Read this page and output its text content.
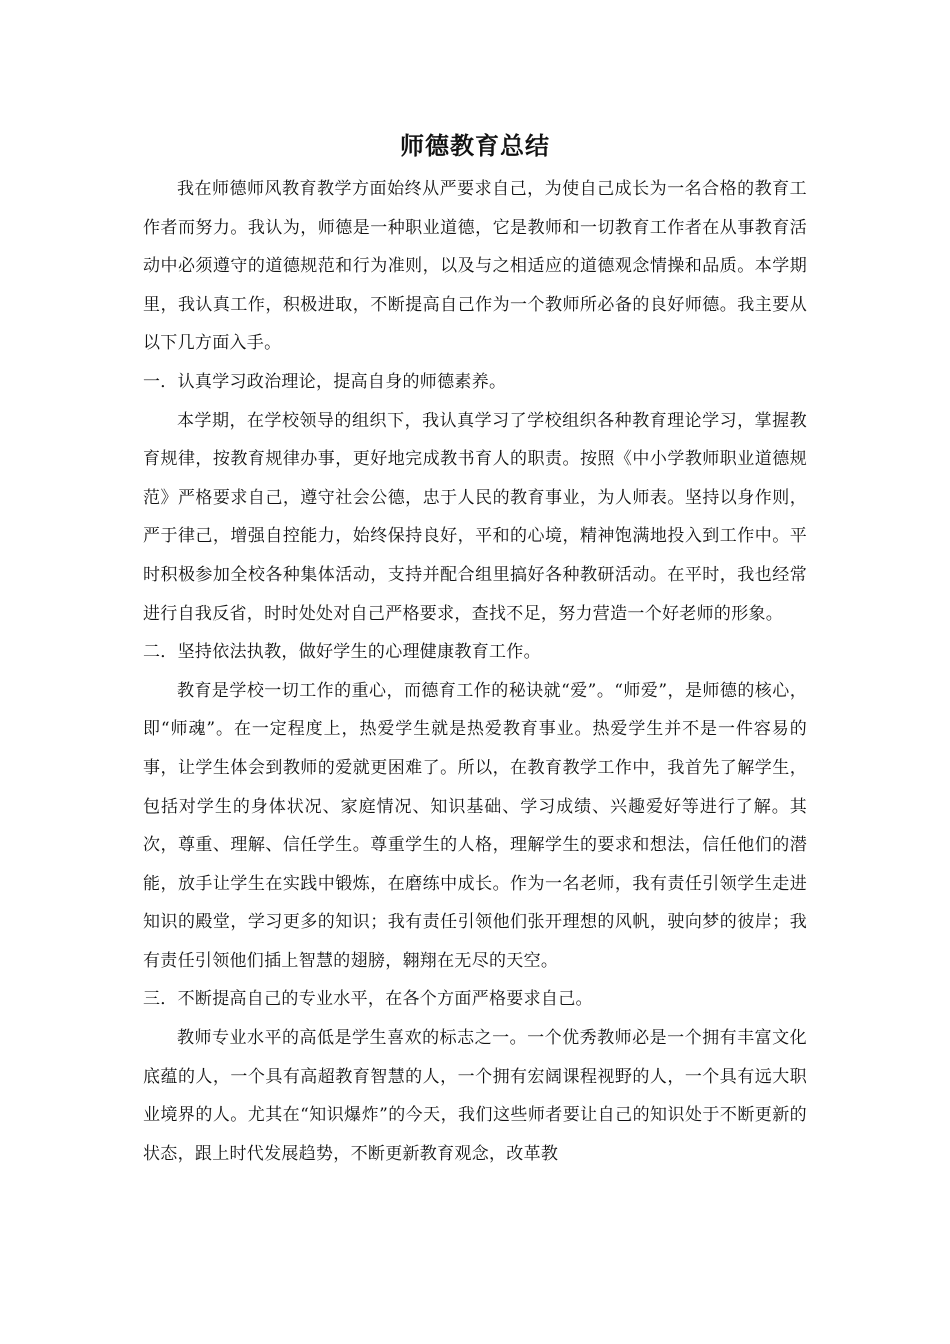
师德教育总结

我在师德师风教育教学方面始终从严要求自己，为使自己成长为一名合格的教育工作者而努力。我认为，师德是一种职业道德，它是教师和一切教育工作者在从事教育活动中必须遵守的道德规范和行为准则，以及与之相适应的道德观念情操和品质。本学期里，我认真工作，积极进取，不断提高自己作为一个教师所必备的良好师德。我主要从以下几方面入手。

一．认真学习政治理论，提高自身的师德素养。

本学期，在学校领导的组织下，我认真学习了学校组织各种教育理论学习，掌握教育规律，按教育规律办事，更好地完成教书育人的职责。按照《中小学教师职业道德规范》严格要求自己，遵守社会公德，忠于人民的教育事业，为人师表。坚持以身作则，严于律己，增强自控能力，始终保持良好，平和的心境，精神饱满地投入到工作中。平时积极参加全校各种集体活动，支持并配合组里搞好各种教研活动。在平时，我也经常进行自我反省，时时处处对自己严格要求，查找不足，努力营造一个好老师的形象。

二．坚持依法执教，做好学生的心理健康教育工作。

教育是学校一切工作的重心，而德育工作的秘诀就“爱”。“师爱”，是师德的核心，即“师魂”。在一定程度上，热爱学生就是热爱教育事业。热爱学生并不是一件容易的事，让学生体会到教师的爱就更困难了。所以，在教育教学工作中，我首先了解学生，包括对学生的身体状况、家庭情况、知识基础、学习成绩、兴趣爱好等进行了解。其次，尊重、理解、信任学生。尊重学生的人格，理解学生的要求和想法，信任他们的潜能，放手让学生在实践中锻炼，在磨练中成长。作为一名老师，我有责任引领学生走进知识的殿堂，学习更多的知识；我有责任引领他们张开理想的风帆，驶向梦的彼岸；我有责任引领他们插上智慧的翅膀，翱翔在无尽的天空。

三．不断提高自己的专业水平，在各个方面严格要求自己。

教师专业水平的高低是学生喜欢的标志之一。一个优秀教师必是一个拥有丰富文化底蕴的人，一个具有高超教育智慧的人，一个拥有宏阔课程视野的人，一个具有远大职业境界的人。尤其在“知识爆炸”的今天，我们这些师者要让自己的知识处于不断更新的状态，跟上时代发展趋势，不断更新教育观念，改革教
